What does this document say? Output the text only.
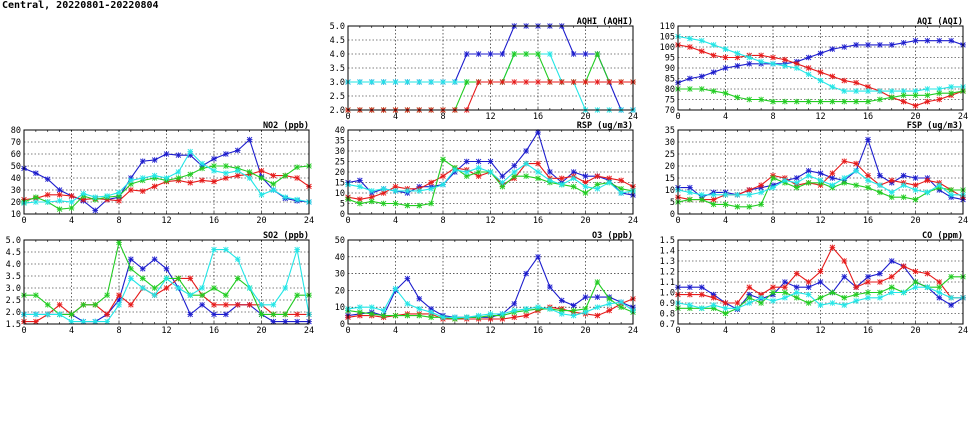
Central, 20220801-20220804
2.0
2.5
3.0
3.5
4.0
4.5
5.0
0	4	8	12	16	20	24
AQHI (AQHI)
70
75
80
85
90
95
100
105
110
0	4	8	12	16	20	24
AQI (AQI)
10
20
30
40
50
60
70
80
0	4	8	12	16	20	24
NO2 (ppb)
0
5
10
15
20
25
30
35
40
0	4	8	12	16	20	24
RSP (ug/m3)
0
5
10
15
20
25
30
35
0	4	8	12	16	20	24
FSP (ug/m3)
1.5
2.0
2.5
3.0
3.5
4.0
4.5
5.0
0	4	8	12	16	20	24
SO2 (ppb)
0
10
20
30
40
50
0	4	8	12	16	20	24
O3 (ppb)
0.7
0.8
0.9
1.0
1.1
1.2
1.3
1.4
1.5
0	4	8	12	16	20	24
CO (ppm)
